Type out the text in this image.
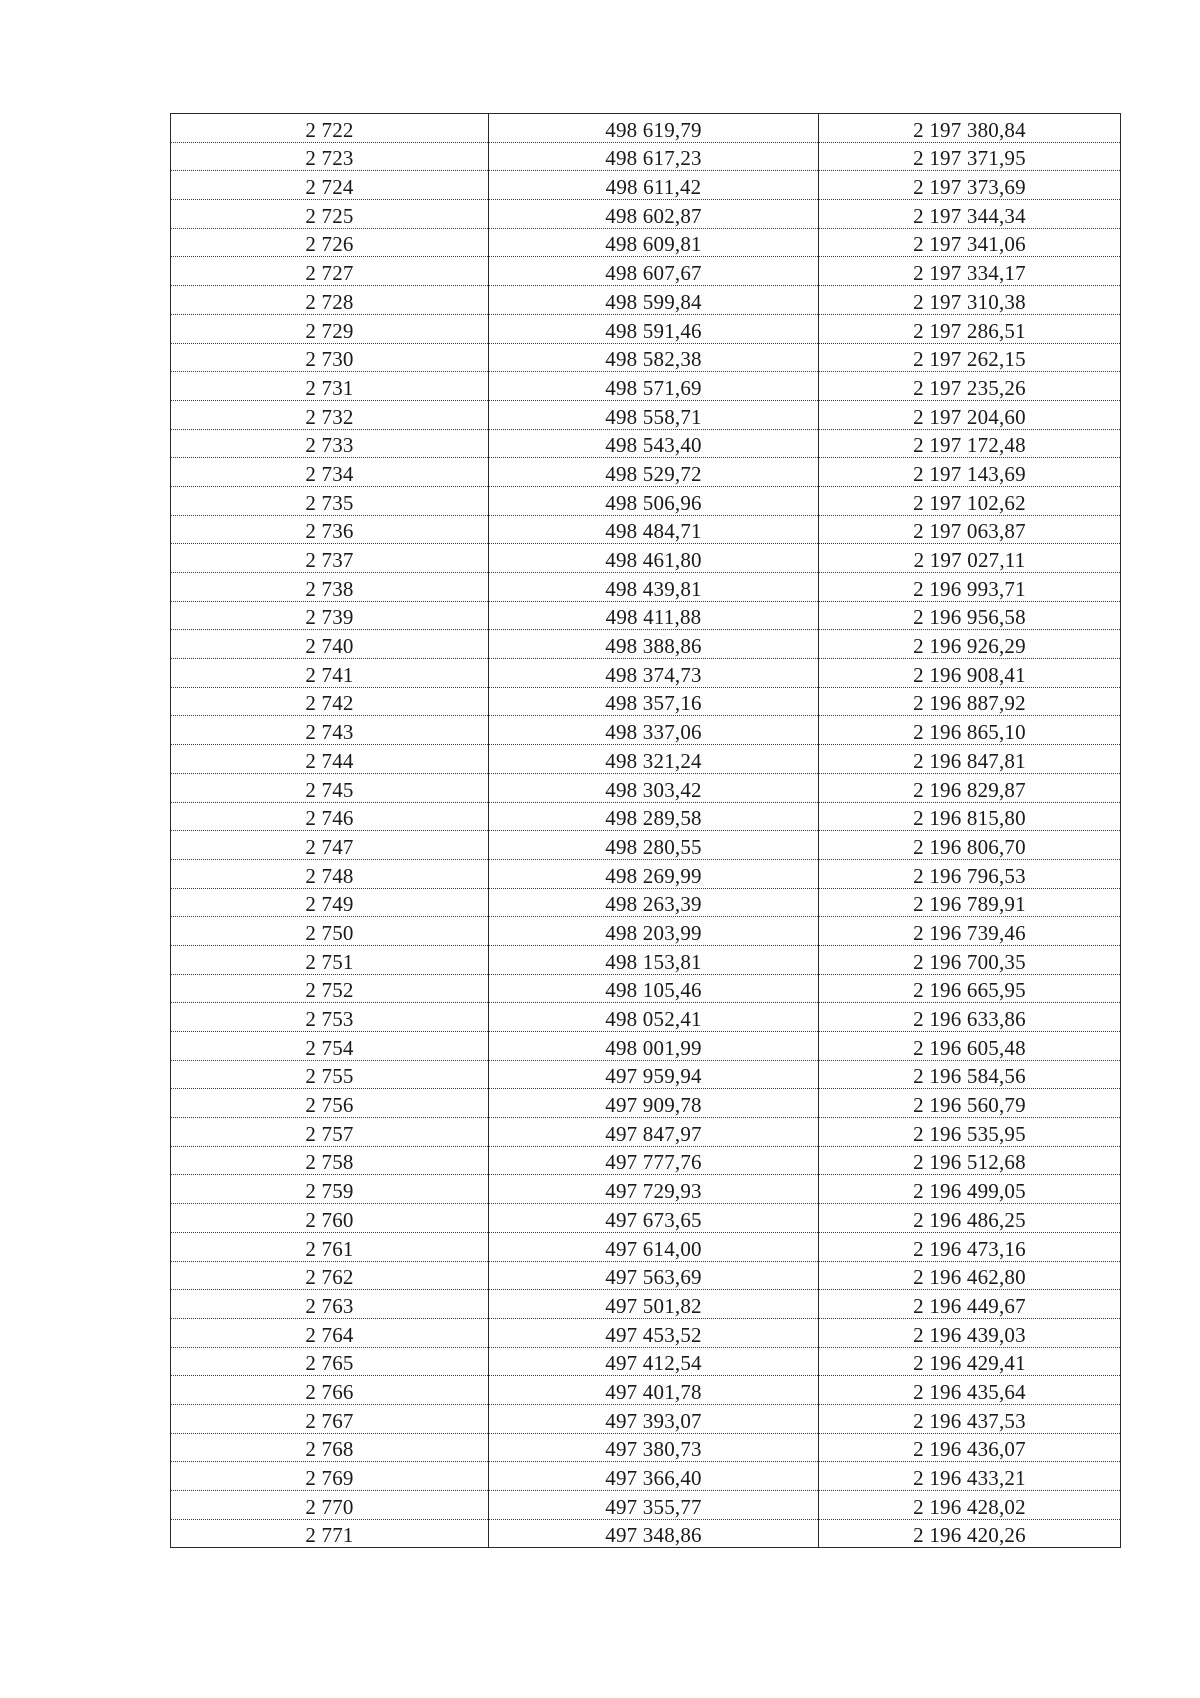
2 722	498 619,79	2 197 380,84
2 723	498 617,23	2 197 371,95
2 724	498 611,42	2 197 373,69
2 725	498 602,87	2 197 344,34
2 726	498 609,81	2 197 341,06
2 727	498 607,67	2 197 334,17
2 728	498 599,84	2 197 310,38
2 729	498 591,46	2 197 286,51
2 730	498 582,38	2 197 262,15
2 731	498 571,69	2 197 235,26
2 732	498 558,71	2 197 204,60
2 733	498 543,40	2 197 172,48
2 734	498 529,72	2 197 143,69
2 735	498 506,96	2 197 102,62
2 736	498 484,71	2 197 063,87
2 737	498 461,80	2 197 027,11
2 738	498 439,81	2 196 993,71
2 739	498 411,88	2 196 956,58
2 740	498 388,86	2 196 926,29
2 741	498 374,73	2 196 908,41
2 742	498 357,16	2 196 887,92
2 743	498 337,06	2 196 865,10
2 744	498 321,24	2 196 847,81
2 745	498 303,42	2 196 829,87
2 746	498 289,58	2 196 815,80
2 747	498 280,55	2 196 806,70
2 748	498 269,99	2 196 796,53
2 749	498 263,39	2 196 789,91
2 750	498 203,99	2 196 739,46
2 751	498 153,81	2 196 700,35
2 752	498 105,46	2 196 665,95
2 753	498 052,41	2 196 633,86
2 754	498 001,99	2 196 605,48
2 755	497 959,94	2 196 584,56
2 756	497 909,78	2 196 560,79
2 757	497 847,97	2 196 535,95
2 758	497 777,76	2 196 512,68
2 759	497 729,93	2 196 499,05
2 760	497 673,65	2 196 486,25
2 761	497 614,00	2 196 473,16
2 762	497 563,69	2 196 462,80
2 763	497 501,82	2 196 449,67
2 764	497 453,52	2 196 439,03
2 765	497 412,54	2 196 429,41
2 766	497 401,78	2 196 435,64
2 767	497 393,07	2 196 437,53
2 768	497 380,73	2 196 436,07
2 769	497 366,40	2 196 433,21
2 770	497 355,77	2 196 428,02
2 771	497 348,86	2 196 420,26
